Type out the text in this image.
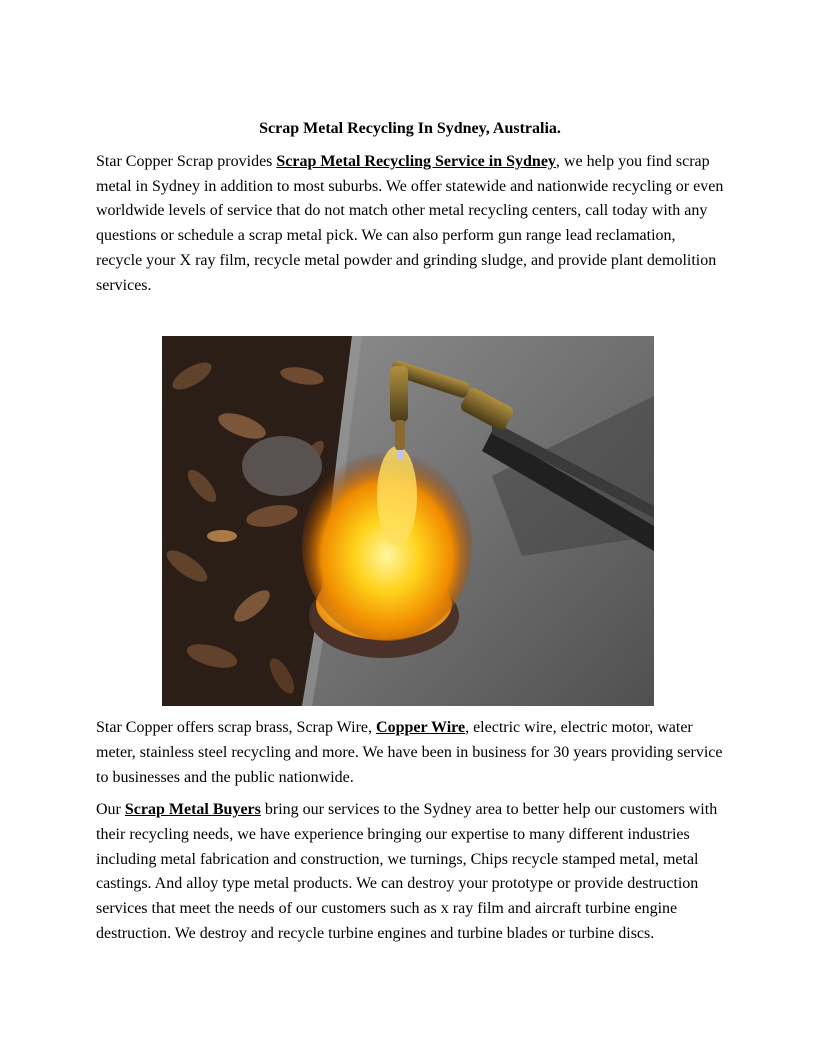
Scrap Metal Recycling In Sydney, Australia.

Star Copper Scrap provides Scrap Metal Recycling Service in Sydney, we help you find scrap metal in Sydney in addition to most suburbs. We offer statewide and nationwide recycling or even worldwide levels of service that do not match other metal recycling centers, call today with any questions or schedule a scrap metal pick. We can also perform gun range lead reclamation, recycle your X ray film, recycle metal powder and grinding sludge, and provide plant demolition services.

Star Copper offers scrap brass, Scrap Wire, Copper Wire, electric wire, electric motor, water meter, stainless steel recycling and more. We have been in business for 30 years providing service to businesses and the public nationwide.

Our Scrap Metal Buyers bring our services to the Sydney area to better help our customers with their recycling needs, we have experience bringing our expertise to many different industries including metal fabrication and construction, we turnings, Chips recycle stamped metal, metal castings. And alloy type metal products. We can destroy your prototype or provide destruction services that meet the needs of our customers such as x ray film and aircraft turbine engine destruction. We destroy and recycle turbine engines and turbine blades or turbine discs.
